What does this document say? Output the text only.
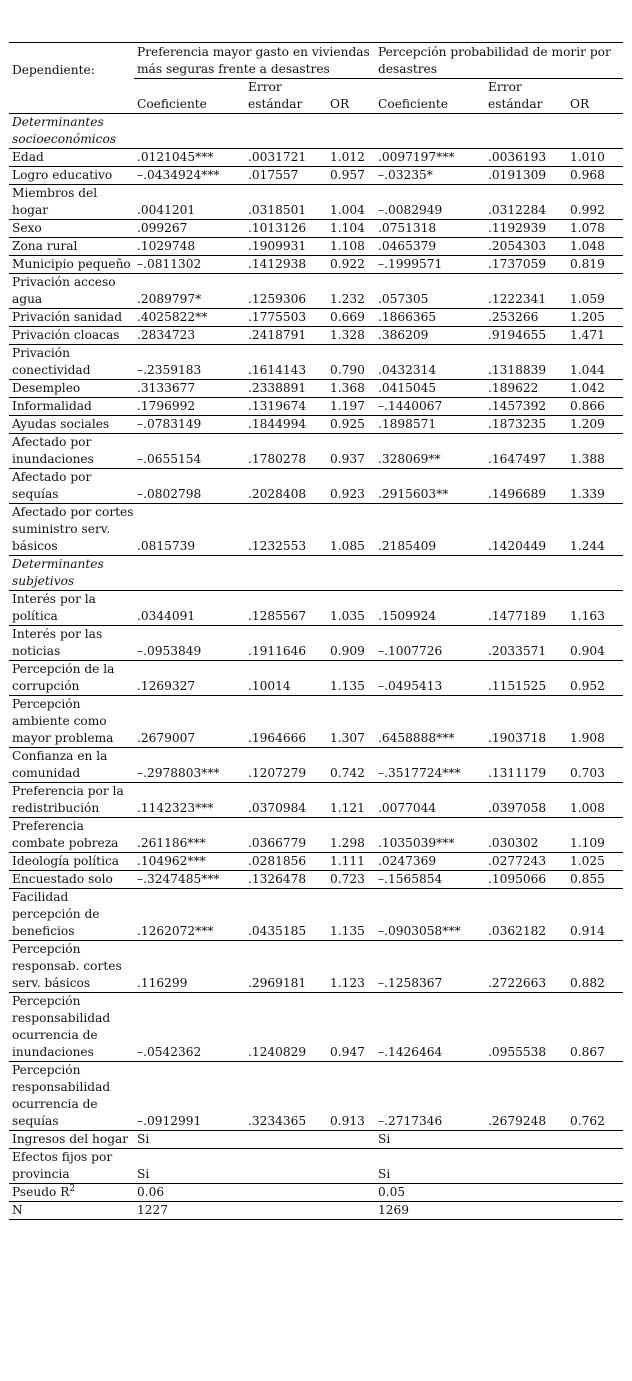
Dependiente:	Preferencia mayor gasto en viviendas más seguras frente a desastres			Percepción probabilidad de morir por desastres		
	Coeficiente	Error estándar	OR	Coeficiente	Error estándar	OR
Determinantes socioeconómicos						
Edad	.0121045***	.0031721	1.012	.0097197***	.0036193	1.010
Logro educativo	–.0434924***	.017557	0.957	–.03235*	.0191309	0.968
Miembros del hogar	.0041201	.0318501	1.004	–.0082949	.0312284	0.992
Sexo	.099267	.1013126	1.104	.0751318	.1192939	1.078
Zona rural	.1029748	.1909931	1.108	.0465379	.2054303	1.048
Municipio pequeño	–.0811302	.1412938	0.922	–.1999571	.1737059	0.819
Privación acceso agua	.2089797*	.1259306	1.232	.057305	.1222341	1.059
Privación sanidad	.4025822**	.1775503	0.669	.1866365	.253266	1.205
Privación cloacas	.2834723	.2418791	1.328	.386209	.9194655	1.471
Privación conectividad	–.2359183	.1614143	0.790	.0432314	.1318839	1.044
Desempleo	.3133677	.2338891	1.368	.0415045	.189622	1.042
Informalidad	.1796992	.1319674	1.197	–.1440067	.1457392	0.866
Ayudas sociales	–.0783149	.1844994	0.925	.1898571	.1873235	1.209
Afectado por inundaciones	–.0655154	.1780278	0.937	.328069**	.1647497	1.388
Afectado por sequías	–.0802798	.2028408	0.923	.2915603**	.1496689	1.339
Afectado por cortes suministro serv. básicos	.0815739	.1232553	1.085	.2185409	.1420449	1.244
Determinantes subjetivos						
Interés por la política	.0344091	.1285567	1.035	.1509924	.1477189	1.163
Interés por las noticias	–.0953849	.1911646	0.909	–.1007726	.2033571	0.904
Percepción de la corrupción	.1269327	.10014	1.135	–.0495413	.1151525	0.952
Percepción ambiente como mayor problema	.2679007	.1964666	1.307	.6458888***	.1903718	1.908
Confianza en la comunidad	–.2978803***	.1207279	0.742	–.3517724***	.1311179	0.703
Preferencia por la redistribución	.1142323***	.0370984	1.121	.0077044	.0397058	1.008
Preferencia combate pobreza	.261186***	.0366779	1.298	.1035039***	.030302	1.109
Ideología política	.104962***	.0281856	1.111	.0247369	.0277243	1.025
Encuestado solo	–.3247485***	.1326478	0.723	–.1565854	.1095066	0.855
Facilidad percepción de beneficios	.1262072***	.0435185	1.135	–.0903058***	.0362182	0.914
Percepción responsab. cortes serv. básicos	.116299	.2969181	1.123	–.1258367	.2722663	0.882
Percepción responsabilidad ocurrencia de inundaciones	–.0542362	.1240829	0.947	–.1426464	.0955538	0.867
Percepción responsabilidad ocurrencia de sequías	–.0912991	.3234365	0.913	–.2717346	.2679248	0.762
Ingresos del hogar	Si			Si		
Efectos fijos por provincia	Si			Si		
Pseudo $R^2$	0.06			0.05		
N	1227			1269		
